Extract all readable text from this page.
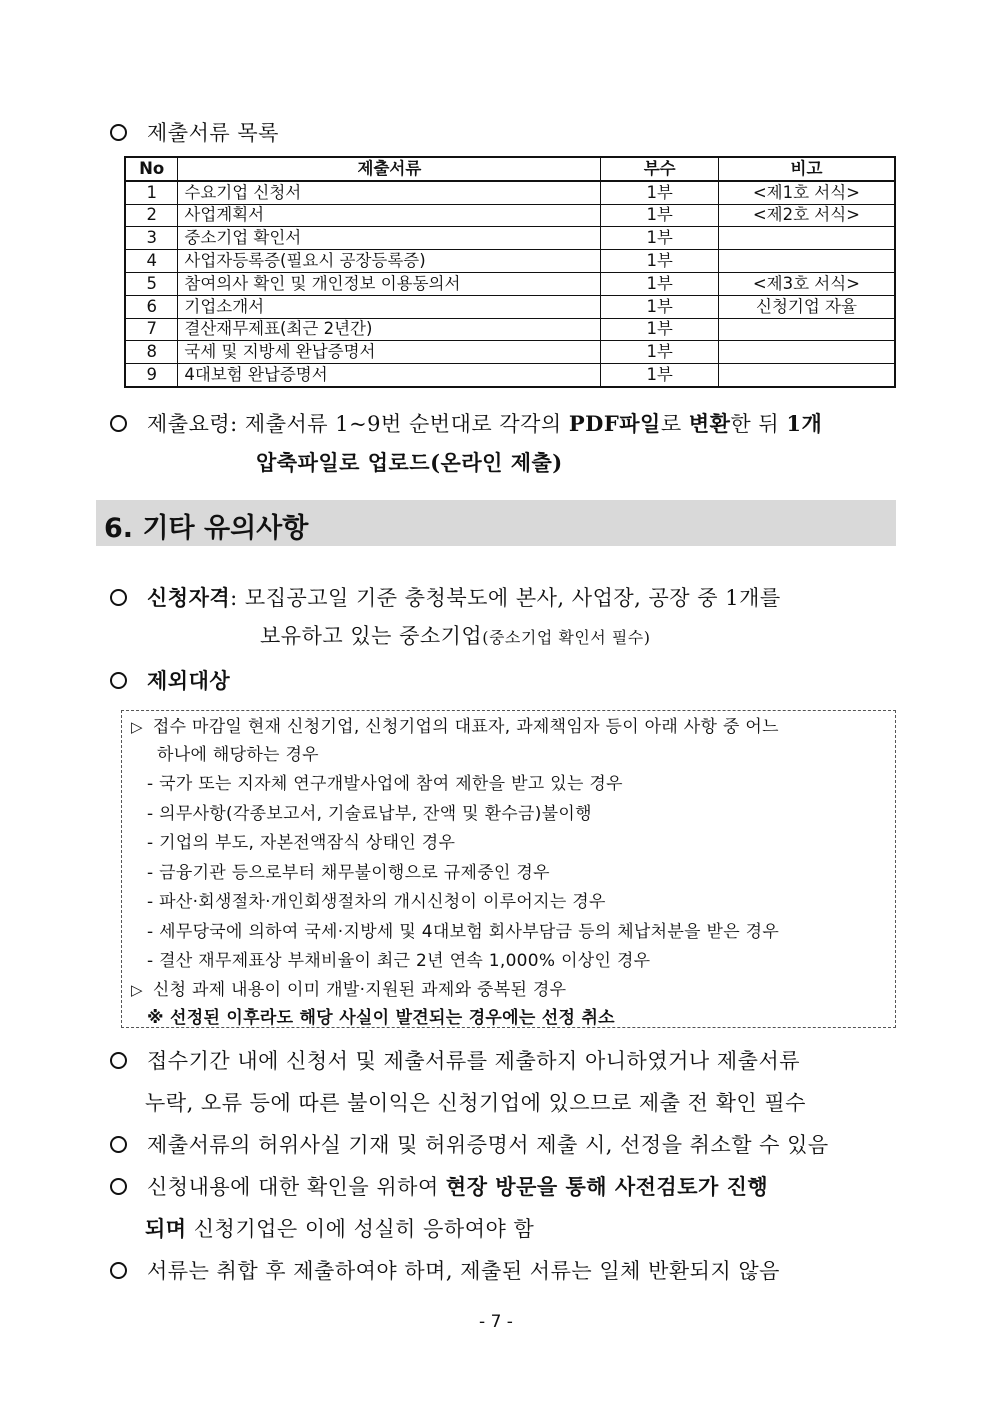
제출서류 목록
No	제출서류	부수	비고
1	수요기업 신청서	1부	<제1호 서식>
2	사업계획서	1부	<제2호 서식>
3	중소기업 확인서	1부	
4	사업자등록증(필요시 공장등록증)	1부	
5	참여의사 확인 및 개인정보 이용동의서	1부	<제3호 서식>
6	기업소개서	1부	신청기업 자율
7	결산재무제표(최근 2년간)	1부	
8	국세 및 지방세 완납증명서	1부	
9	4대보험 완납증명서	1부	
제출요령: 제출서류 1~9번 순번대로 각각의 PDF파일로 변환한 뒤 1개
압축파일로 업로드(온라인 제출)
6. 기타 유의사항
신청자격: 모집공고일 기준 충청북도에 본사, 사업장, 공장 중 1개를
보유하고 있는 중소기업(중소기업 확인서 필수)
제외대상
▷ 접수 마감일 현재 신청기업, 신청기업의 대표자, 과제책임자 등이 아래 사항 중 어느
하나에 해당하는 경우
- 국가 또는 지자체 연구개발사업에 참여 제한을 받고 있는 경우
- 의무사항(각종보고서, 기술료납부, 잔액 및 환수금)불이행
- 기업의 부도, 자본전액잠식 상태인 경우
- 금융기관 등으로부터 채무불이행으로 규제중인 경우
- 파산·회생절차·개인회생절차의 개시신청이 이루어지는 경우
- 세무당국에 의하여 국세·지방세 및 4대보험 회사부담금 등의 체납처분을 받은 경우
- 결산 재무제표상 부채비율이 최근 2년 연속 1,000% 이상인 경우
▷ 신청 과제 내용이 이미 개발·지원된 과제와 중복된 경우
※ 선정된 이후라도 해당 사실이 발견되는 경우에는 선정 취소
접수기간 내에 신청서 및 제출서류를 제출하지 아니하였거나 제출서류
누락, 오류 등에 따른 불이익은 신청기업에 있으므로 제출 전 확인 필수
제출서류의 허위사실 기재 및 허위증명서 제출 시, 선정을 취소할 수 있음
신청내용에 대한 확인을 위하여 현장 방문을 통해 사전검토가 진행
되며 신청기업은 이에 성실히 응하여야 함
서류는 취합 후 제출하여야 하며, 제출된 서류는 일체 반환되지 않음
- 7 -
